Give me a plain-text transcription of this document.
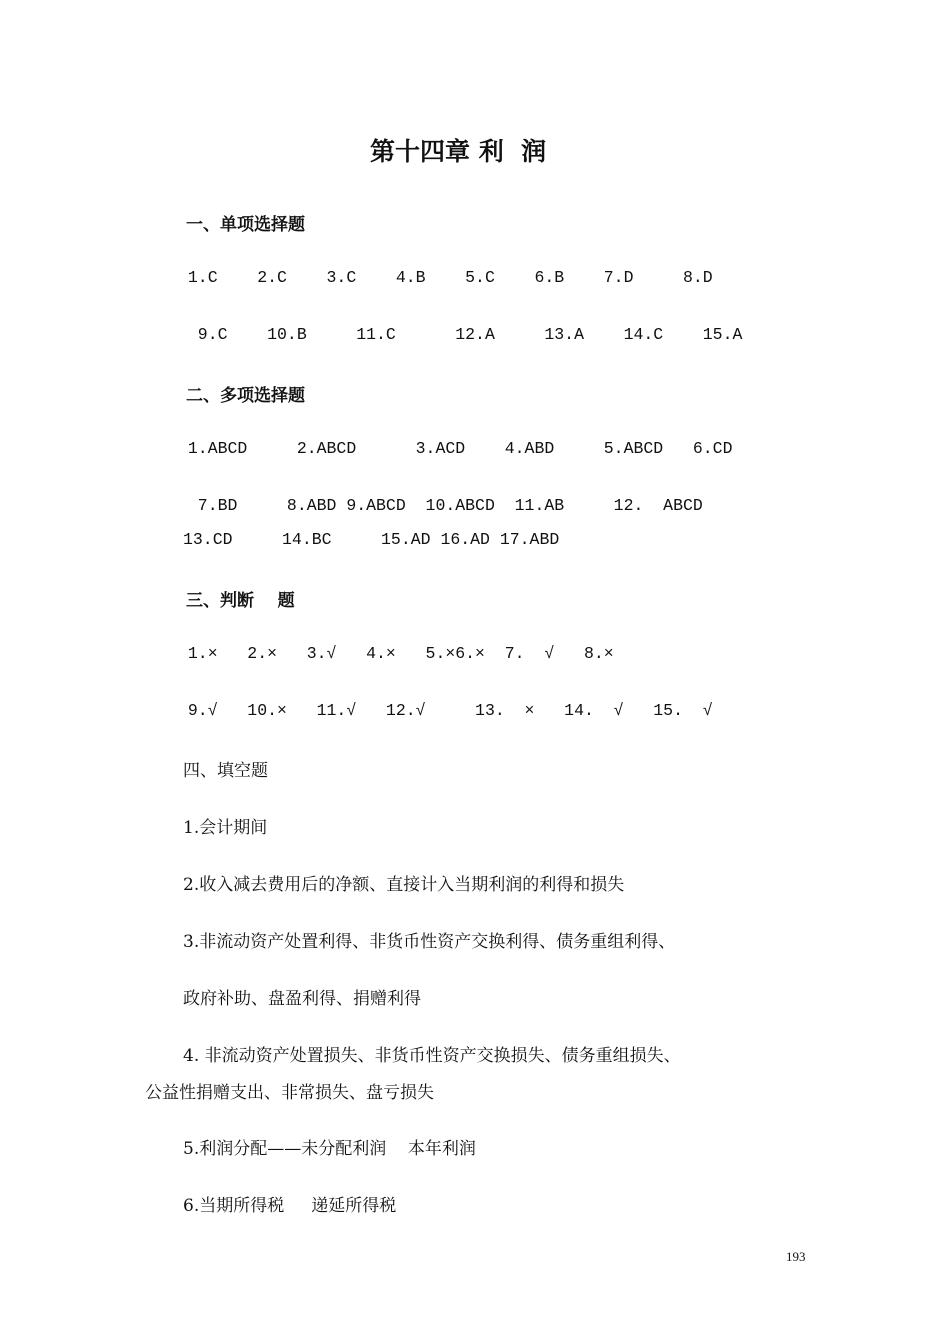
第十四章 利  润
一、单项选择题
1.C    2.C    3.C    4.B    5.C    6.B    7.D     8.D
9.C    10.B     11.C      12.A     13.A    14.C    15.A
二、多项选择题
1.ABCD     2.ABCD      3.ACD    4.ABD     5.ABCD   6.CD
7.BD     8.ABD 9.ABCD  10.ABCD  11.AB     12.  ABCD
13.CD     14.BC     15.AD 16.AD 17.ABD
三、判断    题
1.×   2.×   3.√   4.×   5.×6.×  7.  √   8.×
9.√   10.×   11.√   12.√     13.  ×   14.  √   15.  √
四、填空题
1.会计期间
2.收入减去费用后的净额、直接计入当期利润的利得和损失
3.非流动资产处置利得、非货币性资产交换利得、债务重组利得、
政府补助、盘盈利得、捐赠利得
4. 非流动资产处置损失、非货币性资产交换损失、债务重组损失、
公益性捐赠支出、非常损失、盘亏损失
5.利润分配——未分配利润    本年利润
6.当期所得税     递延所得税
193
